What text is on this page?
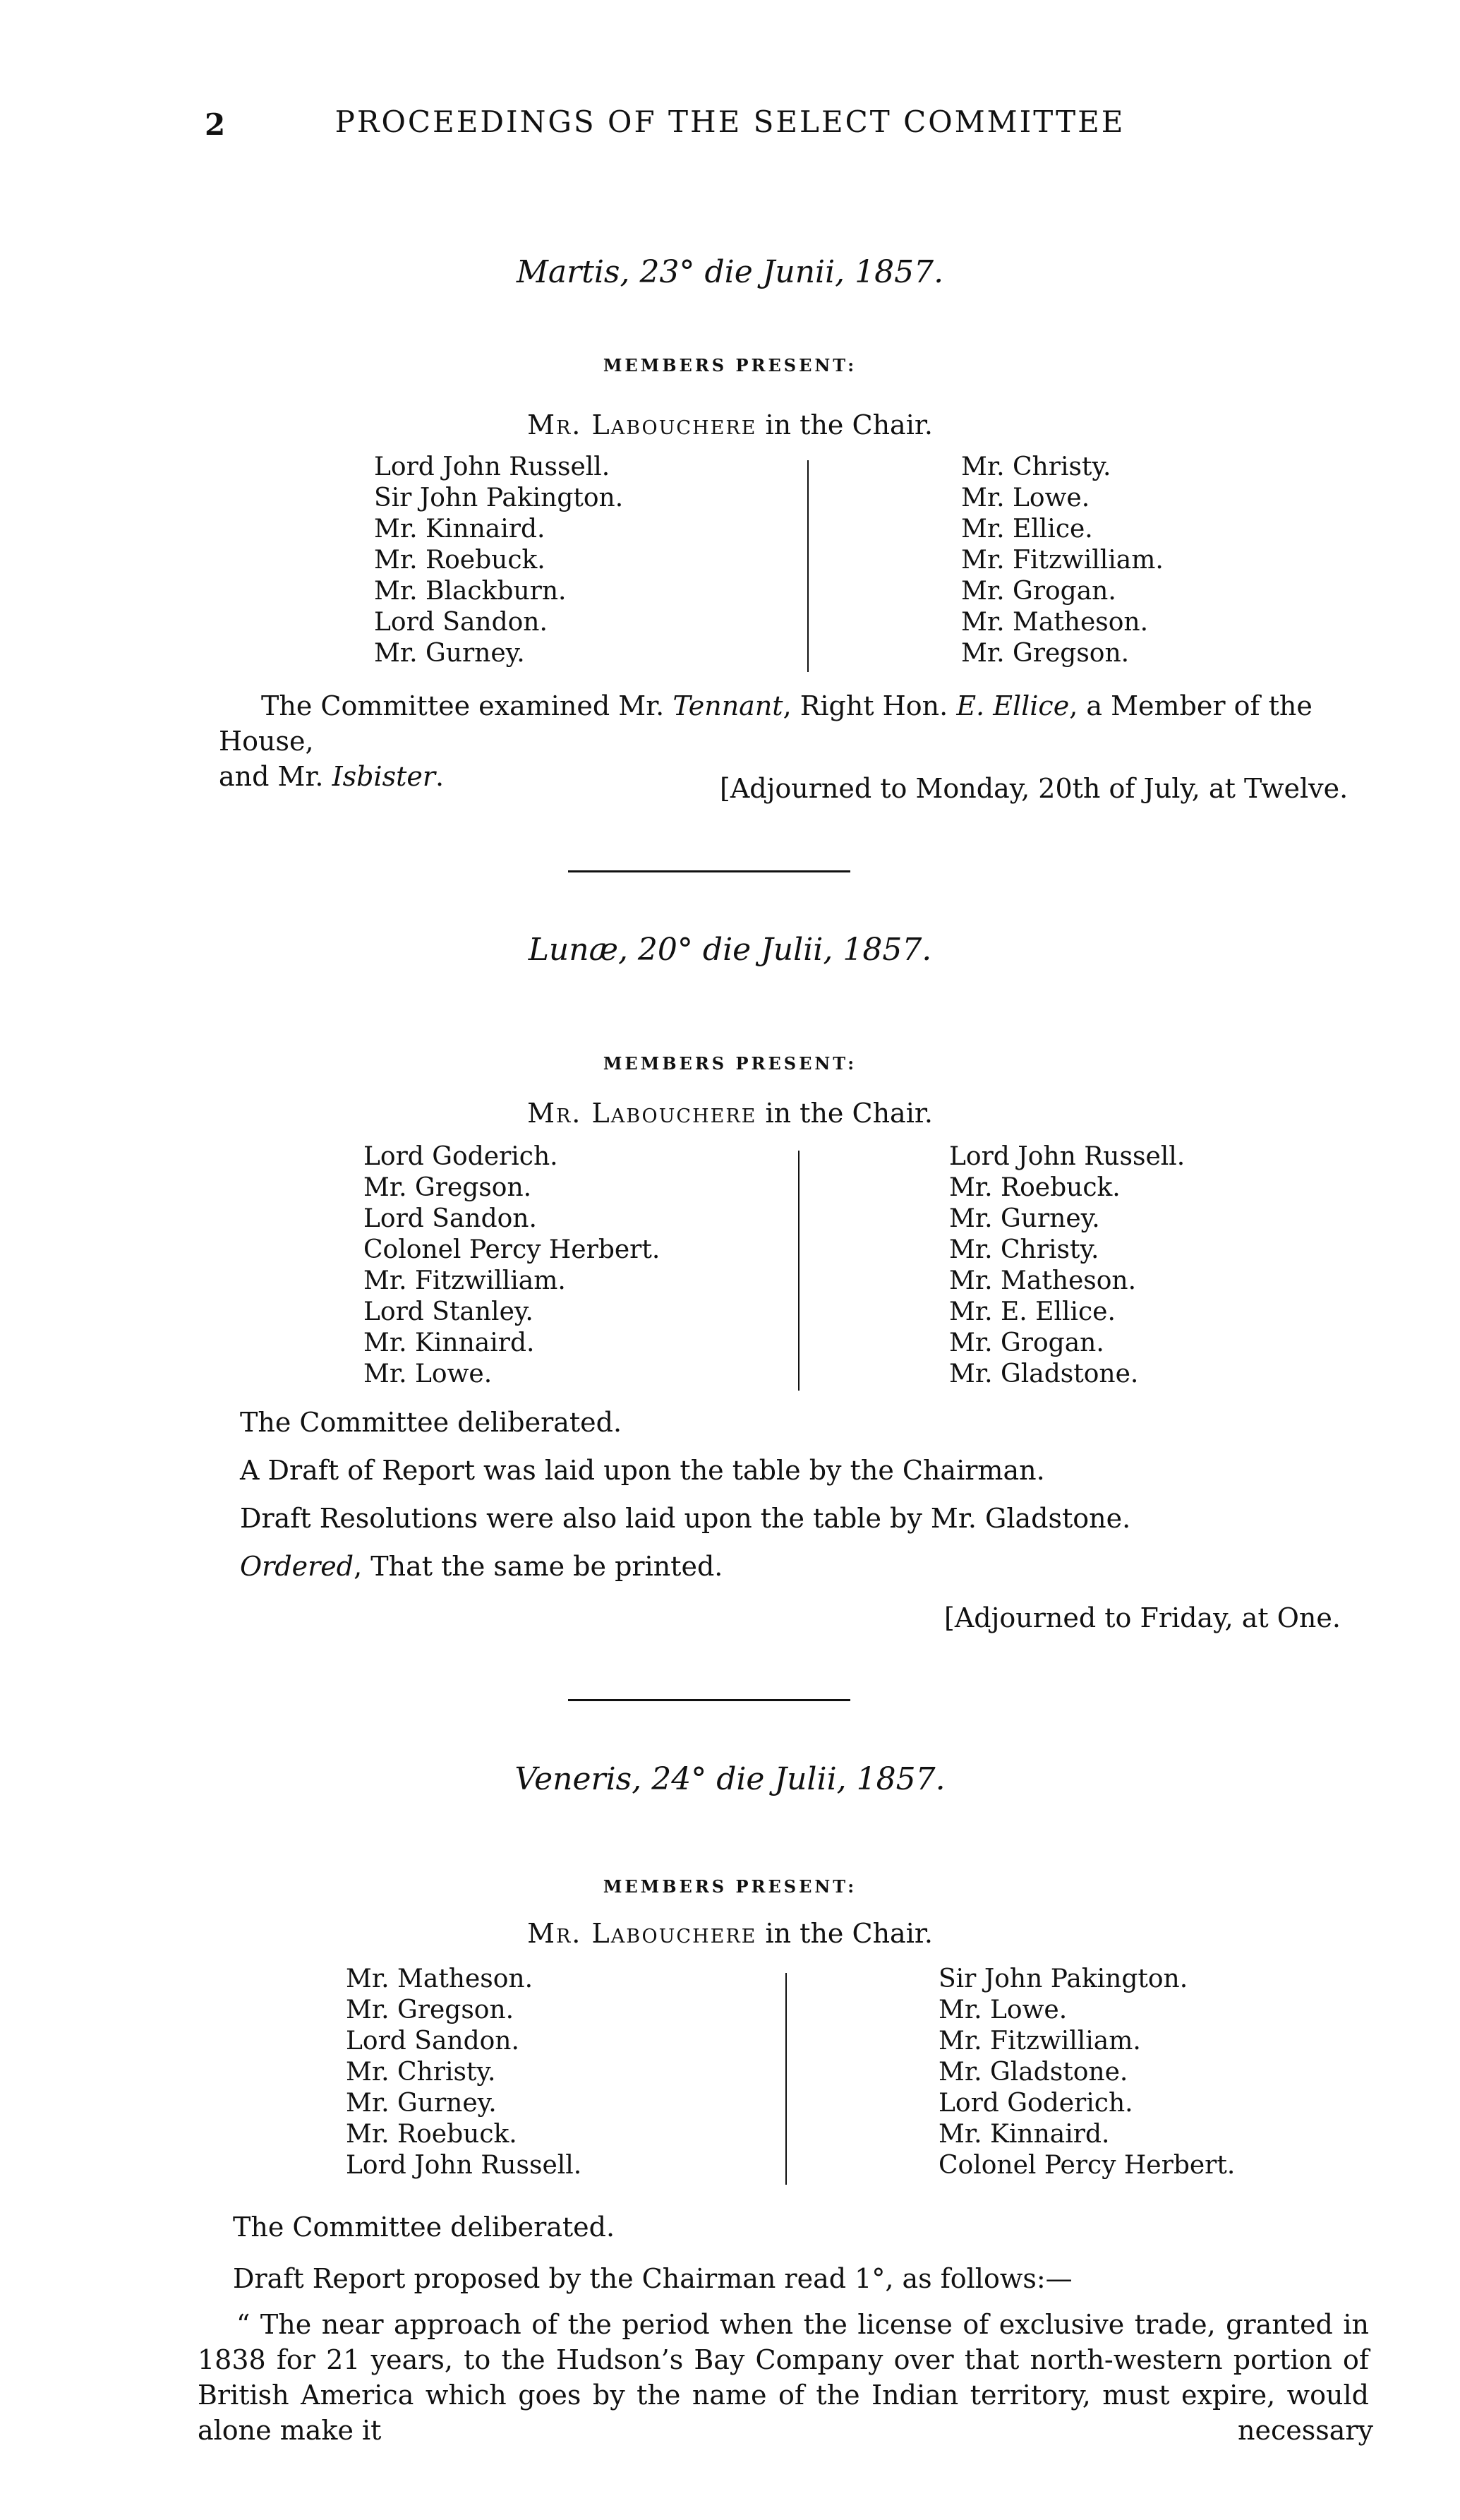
2	PROCEEDINGS OF THE SELECT COMMITTEE
Martis, 23° die Junii, 1857.
MEMBERS PRESENT:
Mr. Labouchere in the Chair.
Lord John Russell.
Sir John Pakington.
Mr. Kinnaird.
Mr. Roebuck.
Mr. Blackburn.
Lord Sandon.
Mr. Gurney.
Mr. Christy.
Mr. Lowe.
Mr. Ellice.
Mr. Fitzwilliam.
Mr. Grogan.
Mr. Matheson.
Mr. Gregson.
The Committee examined Mr. Tennant, Right Hon. E. Ellice, a Member of the House,
and Mr. Isbister.	[Adjourned to Monday, 20th of July, at Twelve.
Lunæ, 20° die Julii, 1857.
MEMBERS PRESENT:
Mr. Labouchere in the Chair.
Lord Goderich.
Mr. Gregson.
Lord Sandon.
Colonel Percy Herbert.
Mr. Fitzwilliam.
Lord Stanley.
Mr. Kinnaird.
Mr. Lowe.
Lord John Russell.
Mr. Roebuck.
Mr. Gurney.
Mr. Christy.
Mr. Matheson.
Mr. E. Ellice.
Mr. Grogan.
Mr. Gladstone.
The Committee deliberated.
A Draft of Report was laid upon the table by the Chairman.
Draft Resolutions were also laid upon the table by Mr. Gladstone.
Ordered, That the same be printed.
[Adjourned to Friday, at One.
Veneris, 24° die Julii, 1857.
MEMBERS PRESENT:
Mr. Labouchere in the Chair.
Mr. Matheson.
Mr. Gregson.
Lord Sandon.
Mr. Christy.
Mr. Gurney.
Mr. Roebuck.
Lord John Russell.
Sir John Pakington.
Mr. Lowe.
Mr. Fitzwilliam.
Mr. Gladstone.
Lord Goderich.
Mr. Kinnaird.
Colonel Percy Herbert.
The Committee deliberated.
Draft Report proposed by the Chairman read 1°, as follows:—
“ The near approach of the period when the license of exclusive trade, granted in 1838 for 21 years, to the Hudson’s Bay Company over that north-western portion of British America which goes by the name of the Indian territory, must expire, would alone make it	necessary
